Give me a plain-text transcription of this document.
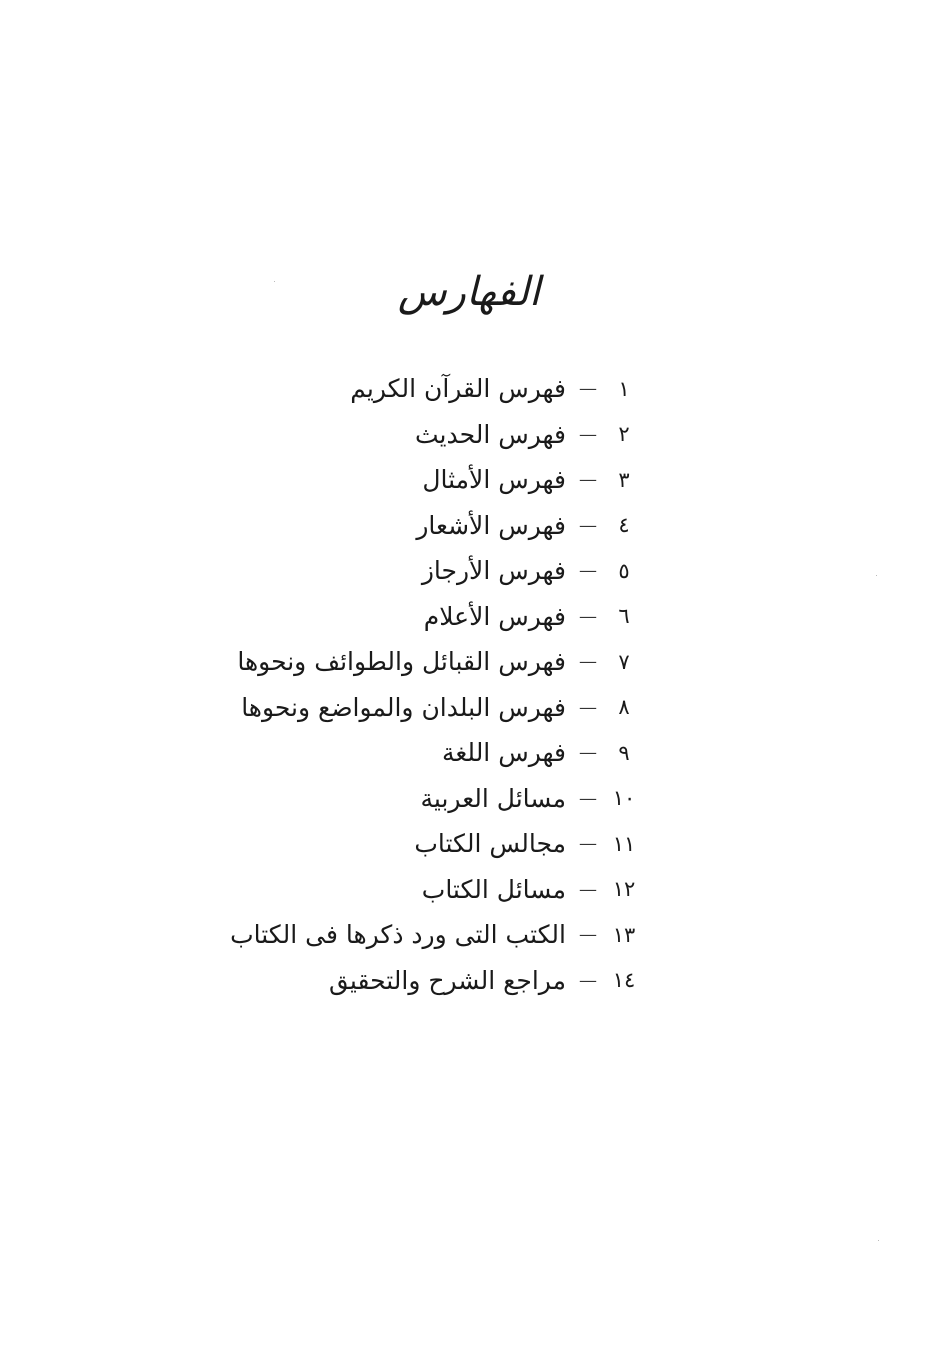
الفهارس
١
—
فهرس القرآن الكريم
٢
—
فهرس الحديث
٣
—
فهرس الأمثال
٤
—
فهرس الأشعار
٥
—
فهرس الأرجاز
٦
—
فهرس الأعلام
٧
—
فهرس القبائل والطوائف ونحوها
٨
—
فهرس البلدان والمواضع ونحوها
٩
—
فهرس اللغة
١٠
—
مسائل العربية
١١
—
مجالس الكتاب
١٢
—
مسائل الكتاب
١٣
—
الكتب التى ورد ذكرها فى الكتاب
١٤
—
مراجع الشرح والتحقيق
